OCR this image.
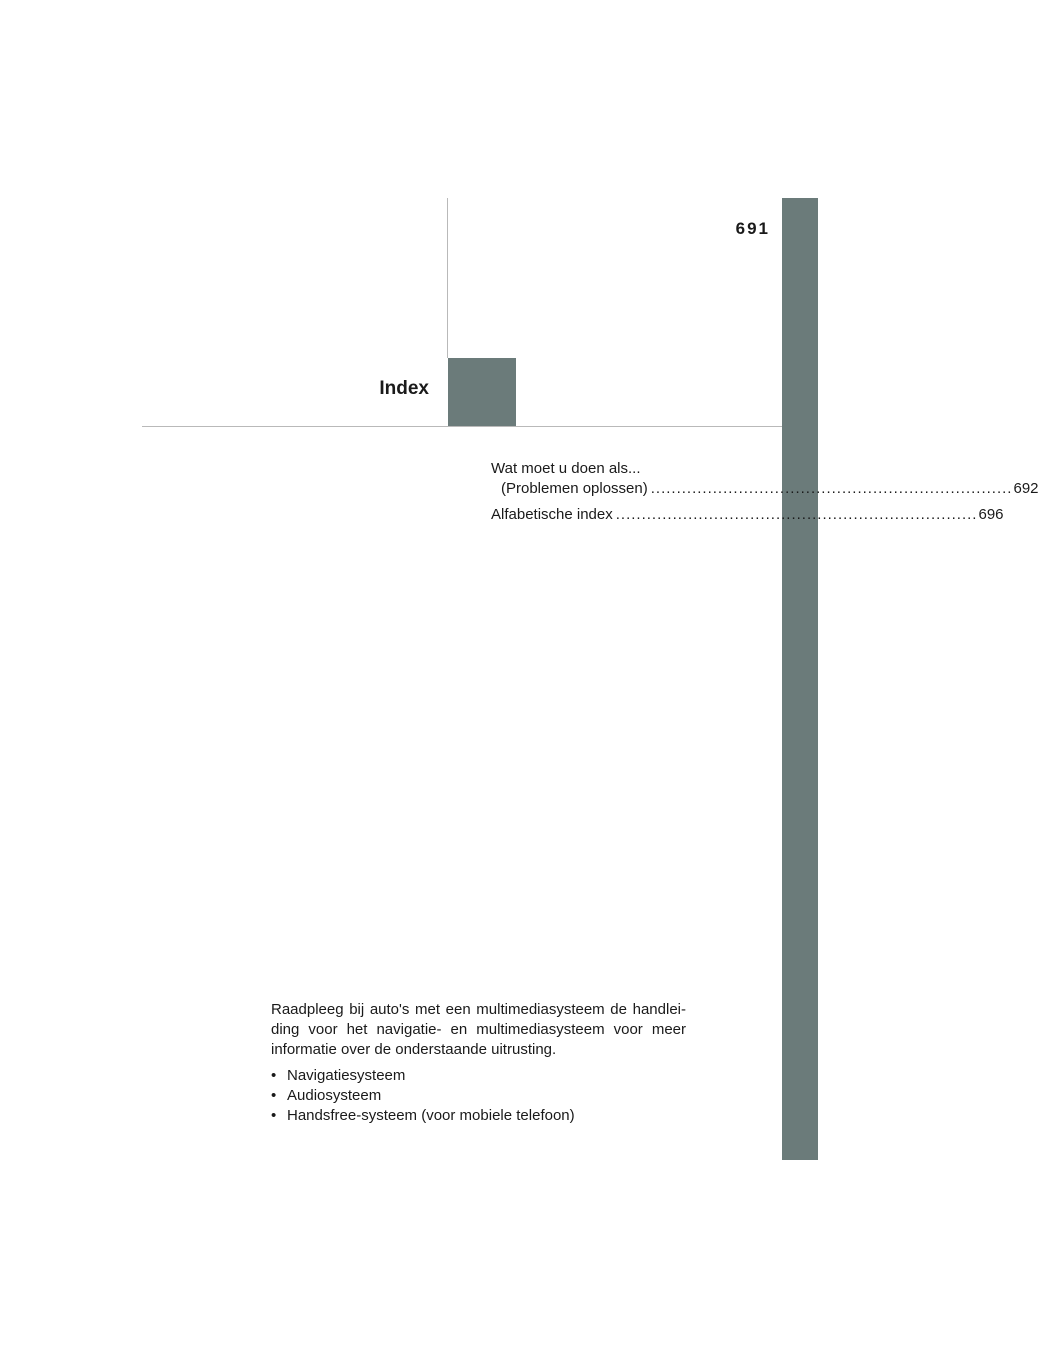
691
Index
Wat moet u doen als...
(Problemen oplossen) ...................................................................... 692
Alfabetische index ...................................................................... 696

Raadpleeg bij auto's met een multimediasysteem de handlei-ding voor het navigatie- en multimediasysteem voor meer informatie over de onderstaande uitrusting.

• Navigatiesysteem
• Audiosysteem
• Handsfree-systeem (voor mobiele telefoon)
